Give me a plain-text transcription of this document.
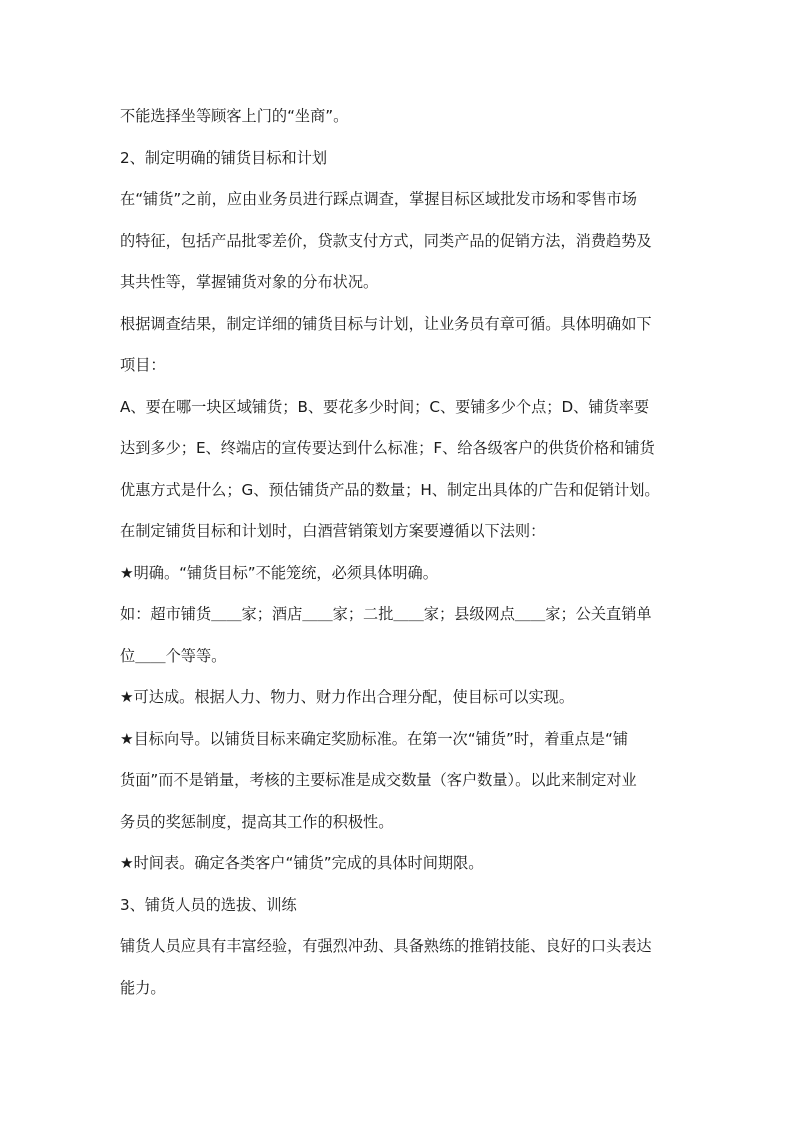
不能选择坐等顾客上门的“坐商”。
2、制定明确的铺货目标和计划
在“铺货”之前，应由业务员进行踩点调查，掌握目标区域批发市场和零售市场
的特征，包括产品批零差价，贷款支付方式，同类产品的促销方法，消费趋势及
其共性等，掌握铺货对象的分布状况。
根据调查结果，制定详细的铺货目标与计划，让业务员有章可循。具体明确如下
项目：
A、要在哪一块区域铺货；B、要花多少时间；C、要铺多少个点；D、铺货率要
达到多少；E、终端店的宣传要达到什么标准；F、给各级客户的供货价格和铺货
优惠方式是什么；G、预估铺货产品的数量；H、制定出具体的广告和促销计划。
在制定铺货目标和计划时，白酒营销策划方案要遵循以下法则：
★明确。“铺货目标”不能笼统，必须具体明确。
如：超市铺货＿＿家；酒店＿＿家；二批＿＿家；县级网点＿＿家；公关直销单
位＿＿个等等。
★可达成。根据人力、物力、财力作出合理分配，使目标可以实现。
★目标向导。以铺货目标来确定奖励标准。在第一次“铺货”时，着重点是“铺
货面”而不是销量，考核的主要标准是成交数量（客户数量）。以此来制定对业
务员的奖惩制度，提高其工作的积极性。
★时间表。确定各类客户“铺货”完成的具体时间期限。
3、铺货人员的选拔、训练
铺货人员应具有丰富经验，有强烈冲劲、具备熟练的推销技能、良好的口头表达
能力。
